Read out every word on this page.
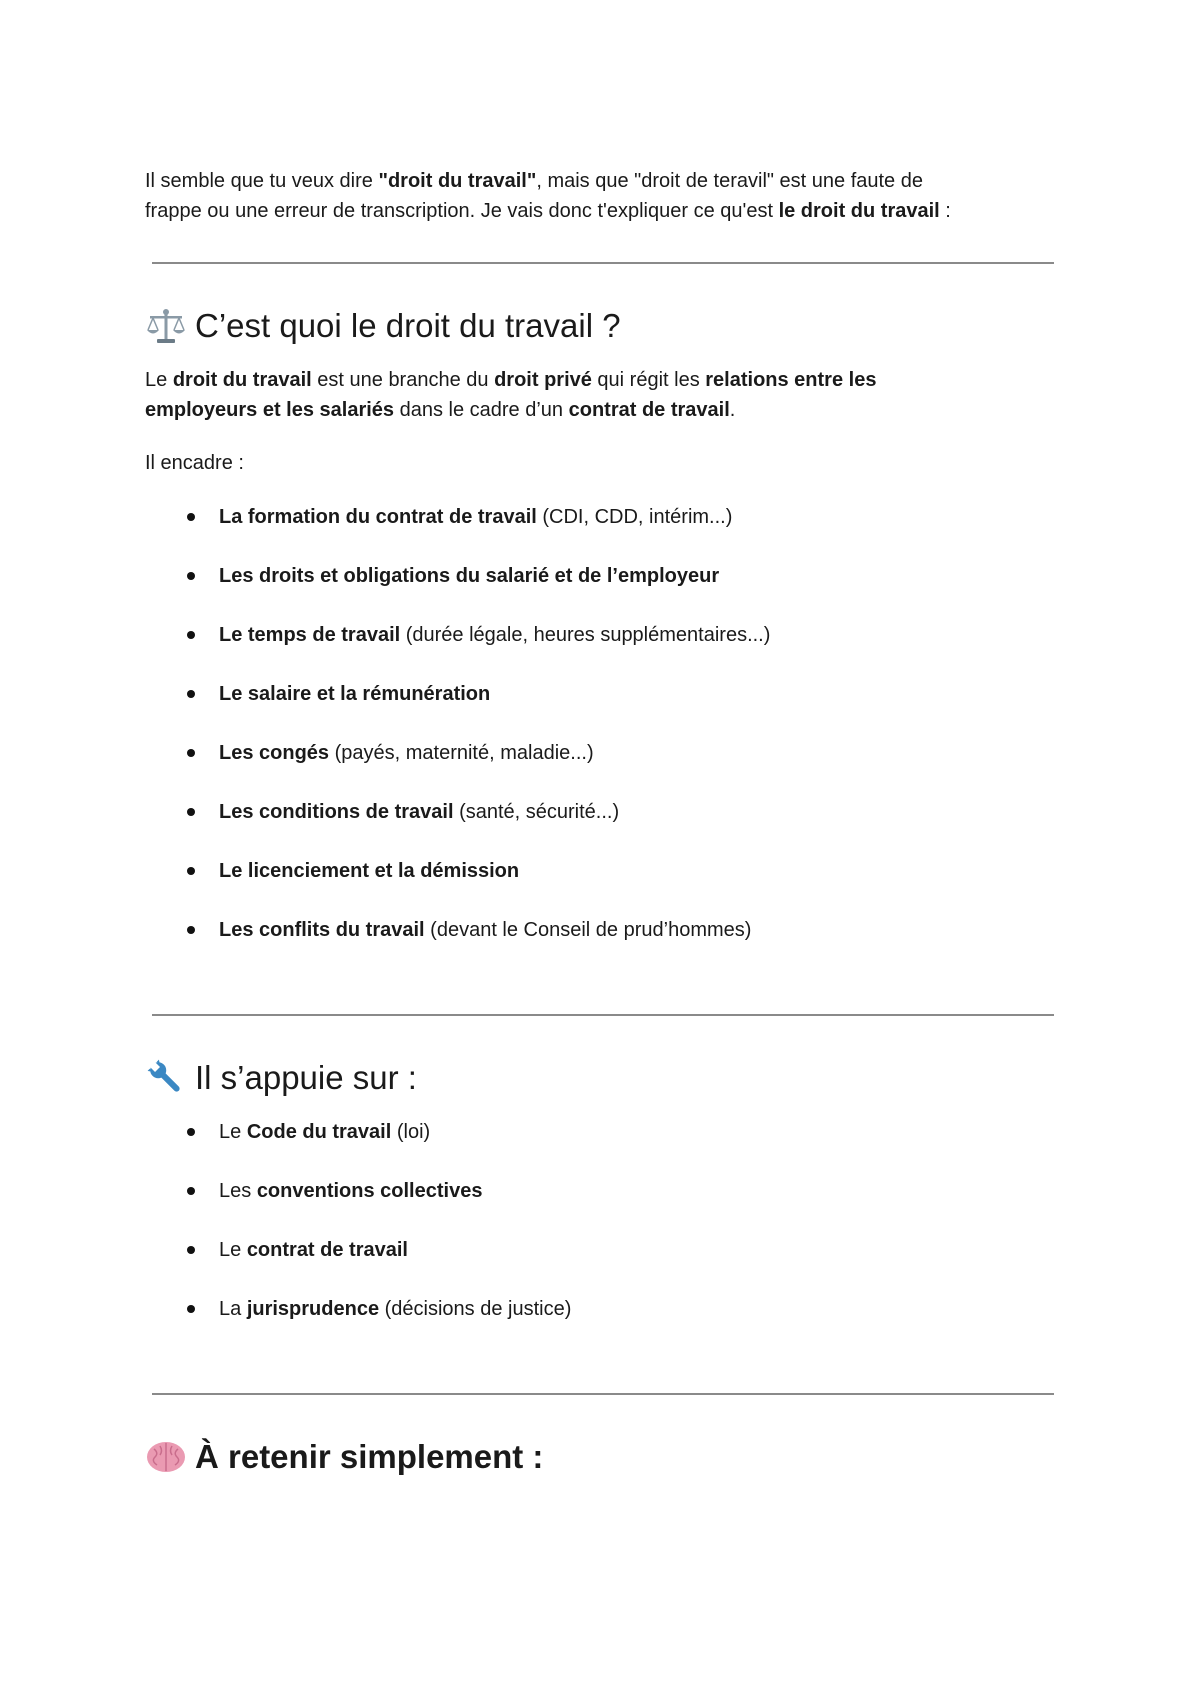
Il semble que tu veux dire "droit du travail", mais que "droit de teravil" est une faute de
frappe ou une erreur de transcription. Je vais donc t'expliquer ce qu'est le droit du travail :

C’est quoi le droit du travail ?

Le droit du travail est une branche du droit privé qui régit les relations entre les
employeurs et les salariés dans le cadre d’un contrat de travail.

Il encadre :

La formation du contrat de travail (CDI, CDD, intérim...)
Les droits et obligations du salarié et de l’employeur
Le temps de travail (durée légale, heures supplémentaires...)
Le salaire et la rémunération
Les congés (payés, maternité, maladie...)
Les conditions de travail (santé, sécurité...)
Le licenciement et la démission
Les conflits du travail (devant le Conseil de prud’hommes)
Il s’appuie sur :
Le Code du travail (loi)
Les conventions collectives
Le contrat de travail
La jurisprudence (décisions de justice)
À retenir simplement :
